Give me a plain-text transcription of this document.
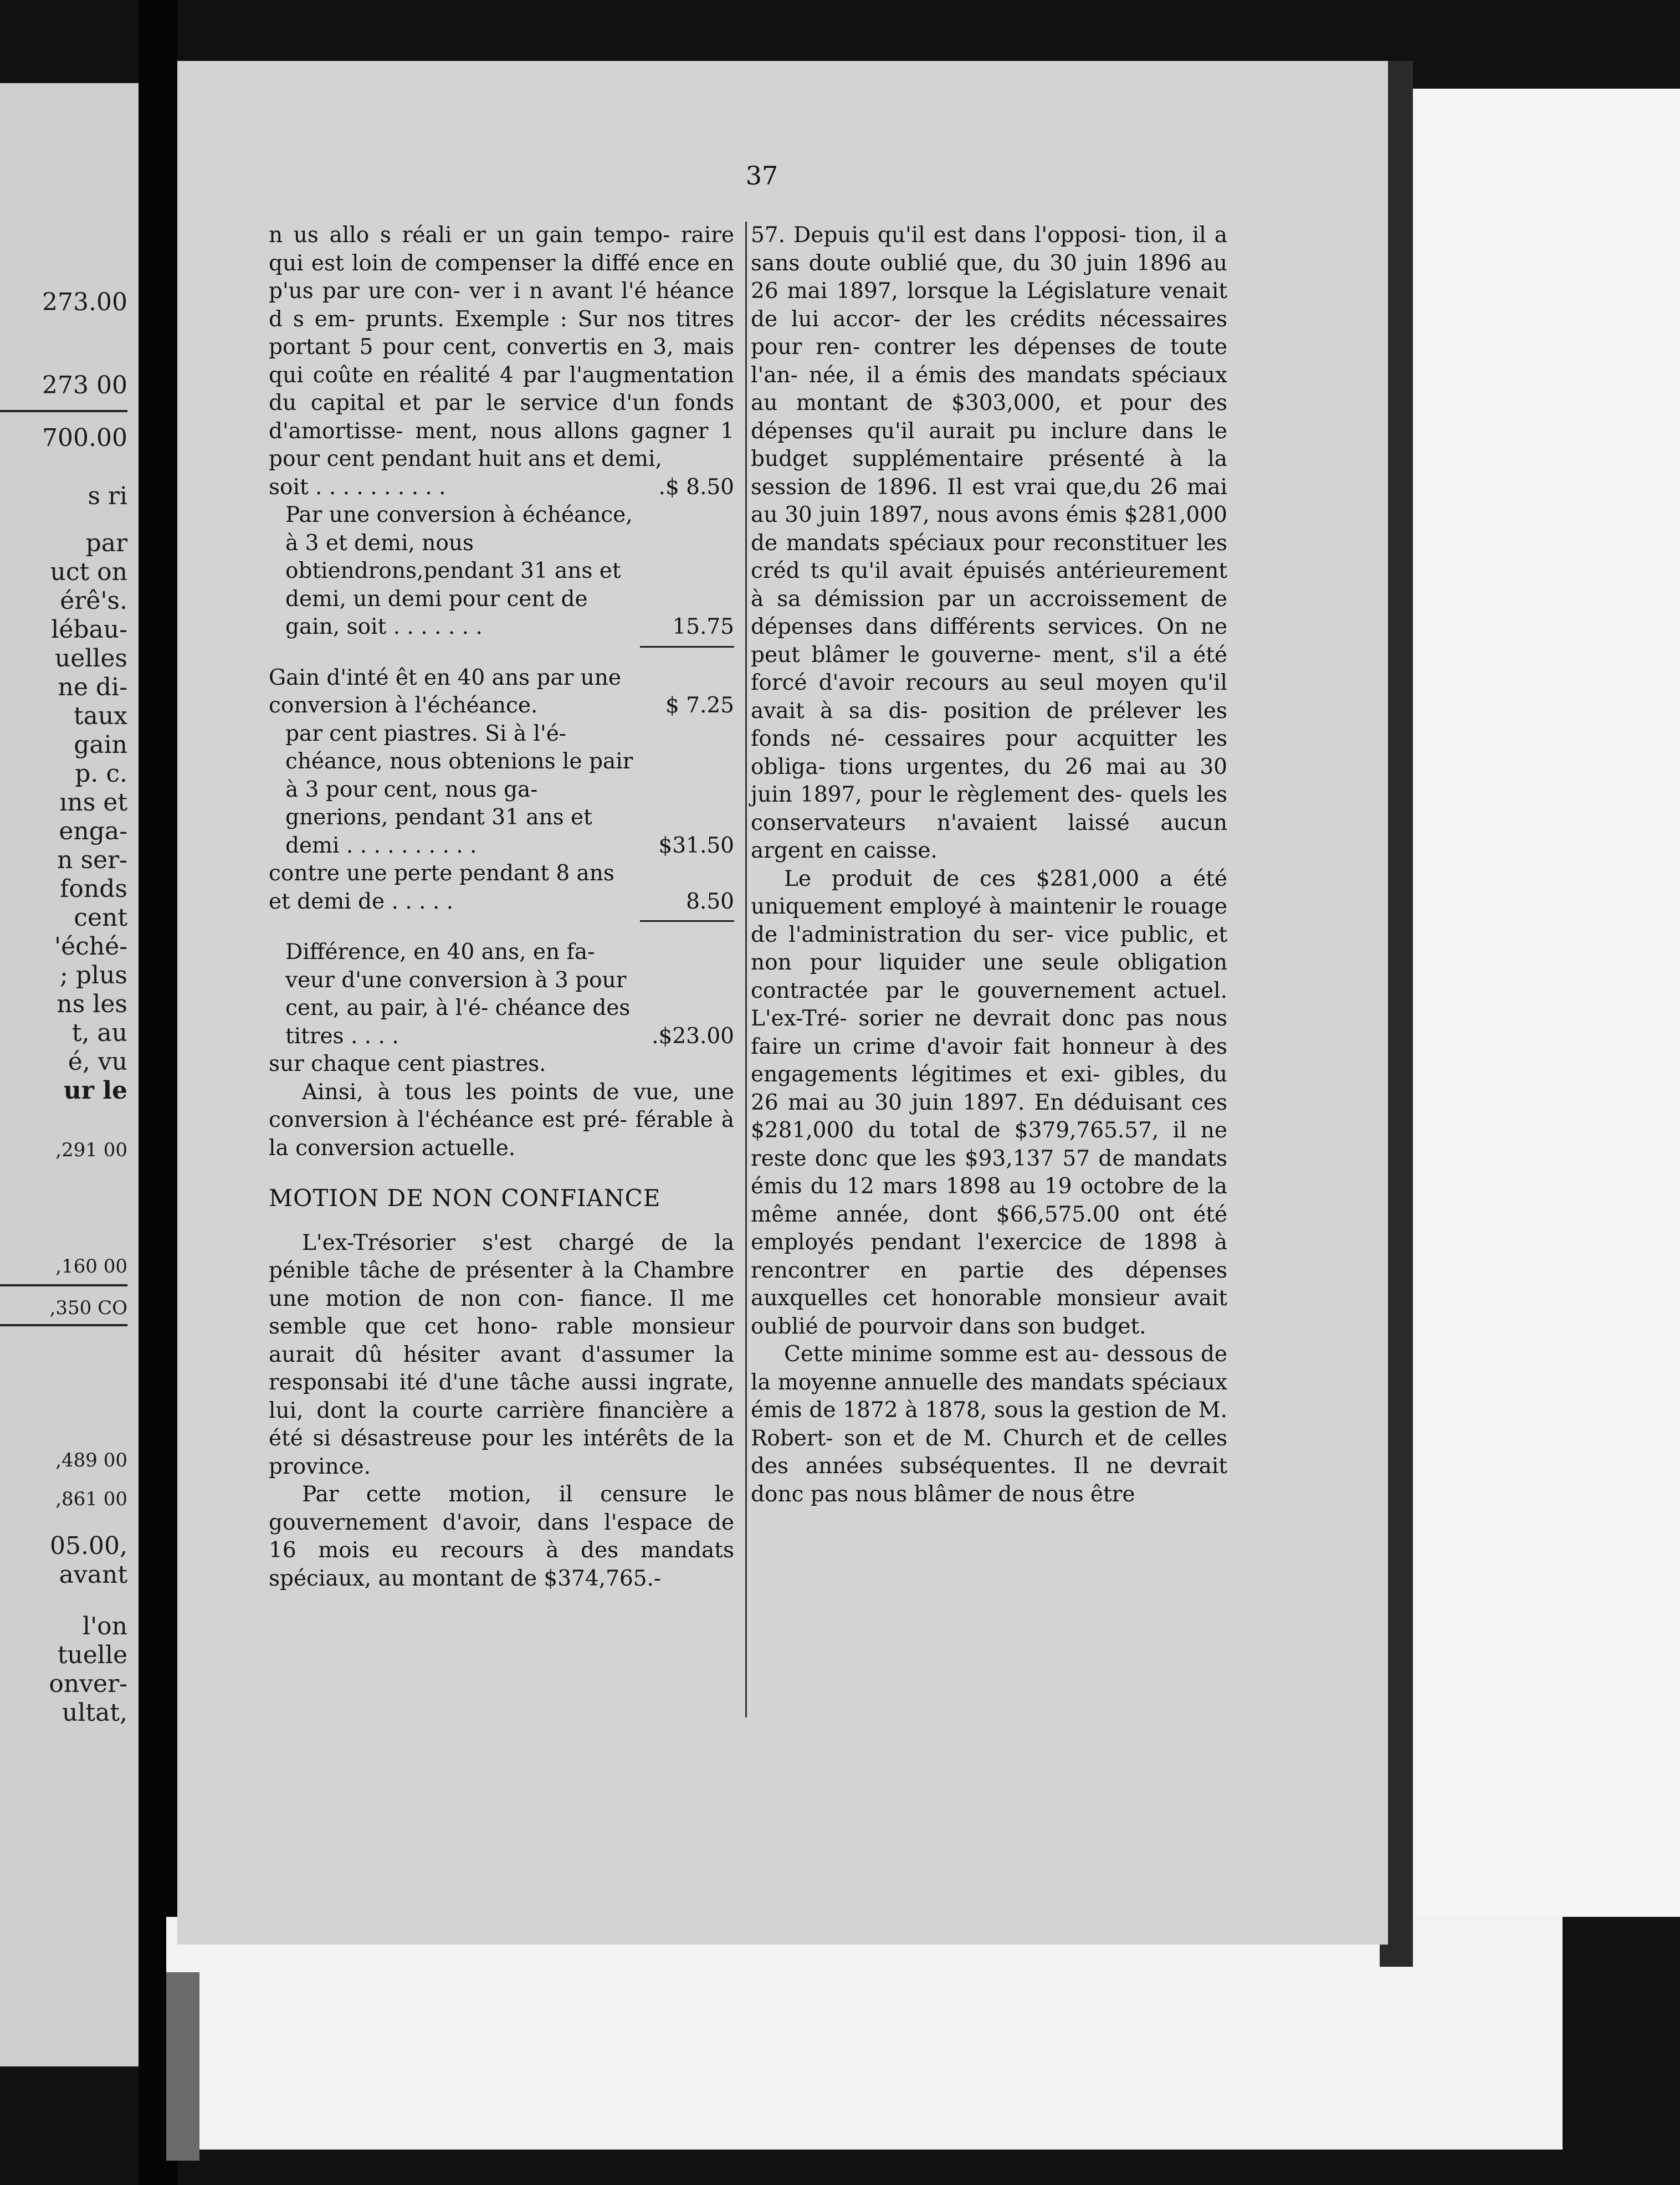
273.00
273 00
700.00
s ri
par
uct on
érê's.
lébau-
uelles
ne di-
taux
gain
p. c.
ıns et
enga-
n ser-
fonds
cent
'éché-
; plus
ns les
t, au
é, vu
ur le
,291 00
,160 00
,350 CO
,489 00
,861 00
05.00,
avant
l'on
tuelle
onver-
ultat,
37

n us allo s réali er un gain tempo- raire qui est loin de compenser la diffé ence en p'us par ure con- ver i n avant l'é héance d s em- prunts. Exemple : Sur nos titres portant 5 pour cent, convertis en 3, mais qui coûte en réalité 4 par l'augmentation du capital et par le service d'un fonds d'amortisse- ment, nous allons gagner 1 pour cent pendant huit ans et demi,

soit . . . . . . . . . .	.$ 8.50
Par une conversion à échéance, à 3 et demi, nous obtiendrons,pendant 31 ans et demi, un demi pour cent de gain, soit . . . . . . .	15.75
Gain d'inté êt en 40 ans par une conversion à l'échéance.	$ 7.25
par cent piastres. Si à l'é- chéance, nous obtenions le pair à 3 pour cent, nous ga- gnerions, pendant 31 ans et demi . . . . . . . . . .	$31.50
contre une perte pendant 8 ans et demi de . . . . .	8.50
Différence, en 40 ans, en fa- veur d'une conversion à 3 pour cent, au pair, à l'é- chéance des titres . . . .	.$23.00

sur chaque cent piastres.

Ainsi, à tous les points de vue, une conversion à l'échéance est pré- férable à la conversion actuelle.

MOTION DE NON CONFIANCE

L'ex-Trésorier s'est chargé de la pénible tâche de présenter à la Chambre une motion de non con- fiance. Il me semble que cet hono- rable monsieur aurait dû hésiter avant d'assumer la responsabi ité d'une tâche aussi ingrate, lui, dont la courte carrière financière a été si désastreuse pour les intérêts de la province.

Par cette motion, il censure le gouvernement d'avoir, dans l'espace de 16 mois eu recours à des mandats spéciaux, au montant de $374,765.-

57. Depuis qu'il est dans l'opposi- tion, il a sans doute oublié que, du 30 juin 1896 au 26 mai 1897, lorsque la Législature venait de lui accor- der les crédits nécessaires pour ren- contrer les dépenses de toute l'an- née, il a émis des mandats spéciaux au montant de $303,000, et pour des dépenses qu'il aurait pu inclure dans le budget supplémentaire présenté à la session de 1896. Il est vrai que,du 26 mai au 30 juin 1897, nous avons émis $281,000 de mandats spéciaux pour reconstituer les créd ts qu'il avait épuisés antérieurement à sa démission par un accroissement de dépenses dans différents services. On ne peut blâmer le gouverne- ment, s'il a été forcé d'avoir recours au seul moyen qu'il avait à sa dis- position de prélever les fonds né- cessaires pour acquitter les obliga- tions urgentes, du 26 mai au 30 juin 1897, pour le règlement des- quels les conservateurs n'avaient laissé aucun argent en caisse.

Le produit de ces $281,000 a été uniquement employé à maintenir le rouage de l'administration du ser- vice public, et non pour liquider une seule obligation contractée par le gouvernement actuel. L'ex-Tré- sorier ne devrait donc pas nous faire un crime d'avoir fait honneur à des engagements légitimes et exi- gibles, du 26 mai au 30 juin 1897. En déduisant ces $281,000 du total de $379,765.57, il ne reste donc que les $93,137 57 de mandats émis du 12 mars 1898 au 19 octobre de la même année, dont $66,575.00 ont été employés pendant l'exercice de 1898 à rencontrer en partie des dépenses auxquelles cet honorable monsieur avait oublié de pourvoir dans son budget.

Cette minime somme est au- dessous de la moyenne annuelle des mandats spéciaux émis de 1872 à 1878, sous la gestion de M. Robert- son et de M. Church et de celles des années subséquentes. Il ne devrait donc pas nous blâmer de nous être
